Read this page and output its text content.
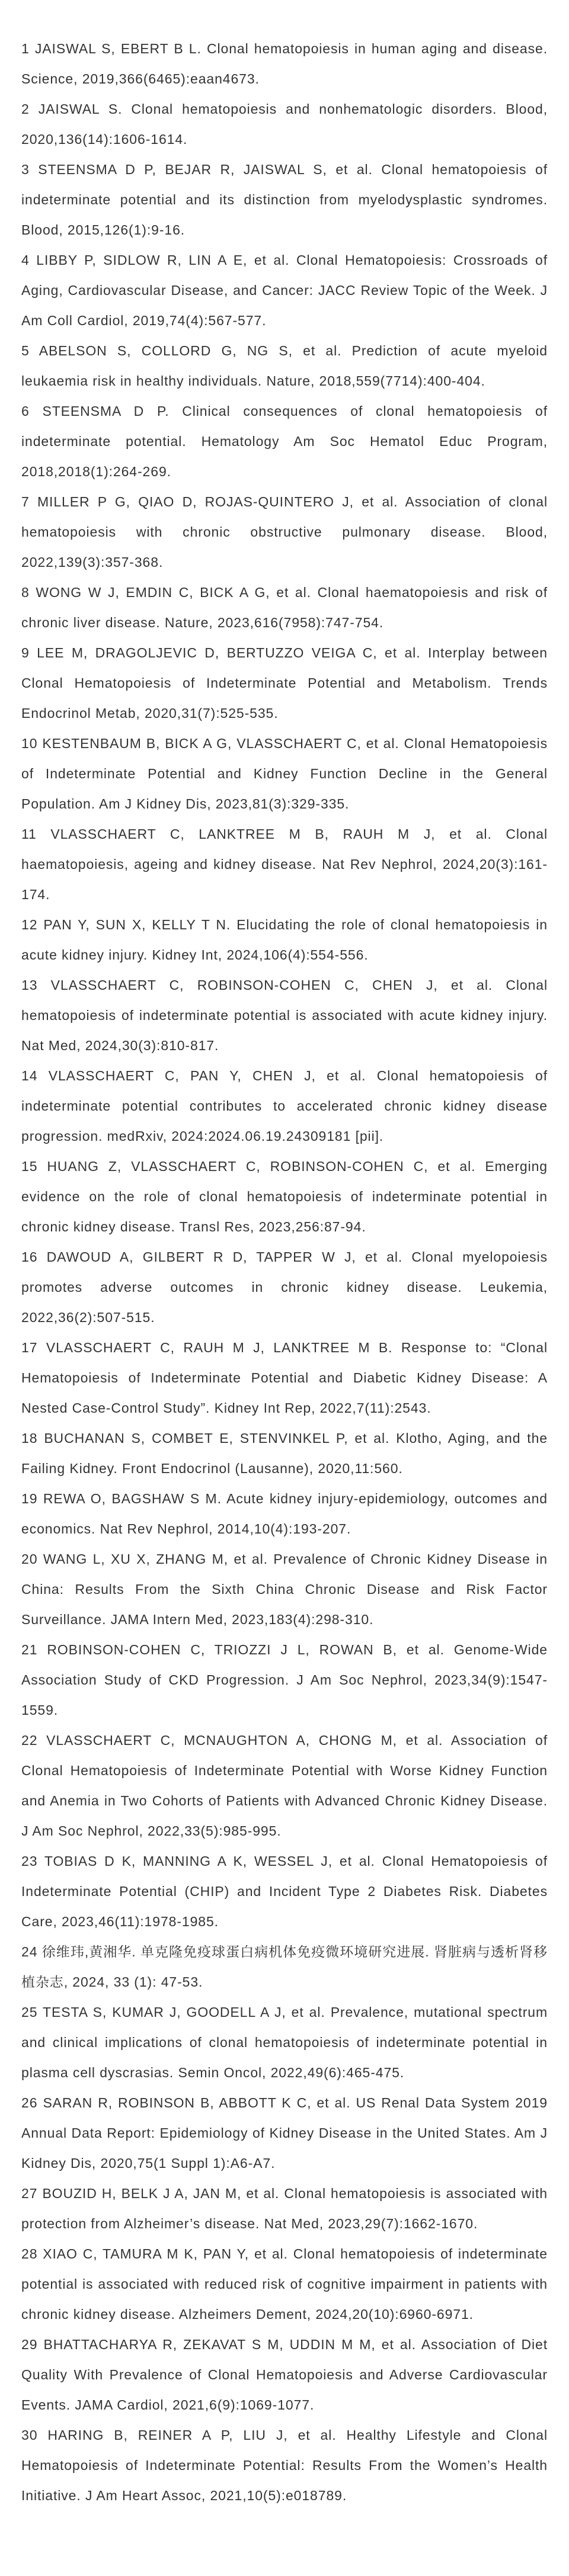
1 JAISWAL S, EBERT B L. Clonal hematopoiesis in human aging and disease. Science, 2019,366(6465):eaan4673.
2 JAISWAL S. Clonal hematopoiesis and nonhematologic disorders. Blood, 2020,136(14):1606-1614.
3 STEENSMA D P, BEJAR R, JAISWAL S, et al. Clonal hematopoiesis of indeterminate potential and its distinction from myelodysplastic syndromes. Blood, 2015,126(1):9-16.
4 LIBBY P, SIDLOW R, LIN A E, et al. Clonal Hematopoiesis: Crossroads of Aging, Cardiovascular Disease, and Cancer: JACC Review Topic of the Week. J Am Coll Cardiol, 2019,74(4):567-577.
5 ABELSON S, COLLORD G, NG S, et al. Prediction of acute myeloid leukaemia risk in healthy individuals. Nature, 2018,559(7714):400-404.
6 STEENSMA D P. Clinical consequences of clonal hematopoiesis of indeterminate potential. Hematology Am Soc Hematol Educ Program, 2018,2018(1):264-269.
7 MILLER P G, QIAO D, ROJAS-QUINTERO J, et al. Association of clonal hematopoiesis with chronic obstructive pulmonary disease. Blood, 2022,139(3):357-368.
8 WONG W J, EMDIN C, BICK A G, et al. Clonal haematopoiesis and risk of chronic liver disease. Nature, 2023,616(7958):747-754.
9 LEE M, DRAGOLJEVIC D, BERTUZZO VEIGA C, et al. Interplay between Clonal Hematopoiesis of Indeterminate Potential and Metabolism. Trends Endocrinol Metab, 2020,31(7):525-535.
10 KESTENBAUM B, BICK A G, VLASSCHAERT C, et al. Clonal Hematopoiesis of Indeterminate Potential and Kidney Function Decline in the General Population. Am J Kidney Dis, 2023,81(3):329-335.
11 VLASSCHAERT C, LANKTREE M B, RAUH M J, et al. Clonal haematopoiesis, ageing and kidney disease. Nat Rev Nephrol, 2024,20(3):161-174.
12 PAN Y, SUN X, KELLY T N. Elucidating the role of clonal hematopoiesis in acute kidney injury. Kidney Int, 2024,106(4):554-556.
13 VLASSCHAERT C, ROBINSON-COHEN C, CHEN J, et al. Clonal hematopoiesis of indeterminate potential is associated with acute kidney injury. Nat Med, 2024,30(3):810-817.
14 VLASSCHAERT C, PAN Y, CHEN J, et al. Clonal hematopoiesis of indeterminate potential contributes to accelerated chronic kidney disease progression. medRxiv, 2024:2024.06.19.24309181 [pii].
15 HUANG Z, VLASSCHAERT C, ROBINSON-COHEN C, et al. Emerging evidence on the role of clonal hematopoiesis of indeterminate potential in chronic kidney disease. Transl Res, 2023,256:87-94.
16 DAWOUD A, GILBERT R D, TAPPER W J, et al. Clonal myelopoiesis promotes adverse outcomes in chronic kidney disease. Leukemia, 2022,36(2):507-515.
17 VLASSCHAERT C, RAUH M J, LANKTREE M B. Response to: “Clonal Hematopoiesis of Indeterminate Potential and Diabetic Kidney Disease: A Nested Case-Control Study”. Kidney Int Rep, 2022,7(11):2543.
18 BUCHANAN S, COMBET E, STENVINKEL P, et al. Klotho, Aging, and the Failing Kidney. Front Endocrinol (Lausanne), 2020,11:560.
19 REWA O, BAGSHAW S M. Acute kidney injury-epidemiology, outcomes and economics. Nat Rev Nephrol, 2014,10(4):193-207.
20 WANG L, XU X, ZHANG M, et al. Prevalence of Chronic Kidney Disease in China: Results From the Sixth China Chronic Disease and Risk Factor Surveillance. JAMA Intern Med, 2023,183(4):298-310.
21 ROBINSON-COHEN C, TRIOZZI J L, ROWAN B, et al. Genome-Wide Association Study of CKD Progression. J Am Soc Nephrol, 2023,34(9):1547-1559.
22 VLASSCHAERT C, MCNAUGHTON A, CHONG M, et al. Association of Clonal Hematopoiesis of Indeterminate Potential with Worse Kidney Function and Anemia in Two Cohorts of Patients with Advanced Chronic Kidney Disease. J Am Soc Nephrol, 2022,33(5):985-995.
23 TOBIAS D K, MANNING A K, WESSEL J, et al. Clonal Hematopoiesis of Indeterminate Potential (CHIP) and Incident Type 2 Diabetes Risk. Diabetes Care, 2023,46(11):1978-1985.
24 徐维玮,黄湘华. 单克隆免疫球蛋白病机体免疫微环境研究进展. 肾脏病与透析肾移植杂志, 2024, 33 (1): 47-53.
25 TESTA S, KUMAR J, GOODELL A J, et al. Prevalence, mutational spectrum and clinical implications of clonal hematopoiesis of indeterminate potential in plasma cell dyscrasias. Semin Oncol, 2022,49(6):465-475.
26 SARAN R, ROBINSON B, ABBOTT K C, et al. US Renal Data System 2019 Annual Data Report: Epidemiology of Kidney Disease in the United States. Am J Kidney Dis, 2020,75(1 Suppl 1):A6-A7.
27 BOUZID H, BELK J A, JAN M, et al. Clonal hematopoiesis is associated with protection from Alzheimer’s disease. Nat Med, 2023,29(7):1662-1670.
28 XIAO C, TAMURA M K, PAN Y, et al. Clonal hematopoiesis of indeterminate potential is associated with reduced risk of cognitive impairment in patients with chronic kidney disease. Alzheimers Dement, 2024,20(10):6960-6971.
29 BHATTACHARYA R, ZEKAVAT S M, UDDIN M M, et al. Association of Diet Quality With Prevalence of Clonal Hematopoiesis and Adverse Cardiovascular Events. JAMA Cardiol, 2021,6(9):1069-1077.
30 HARING B, REINER A P, LIU J, et al. Healthy Lifestyle and Clonal Hematopoiesis of Indeterminate Potential: Results From the Women’s Health Initiative. J Am Heart Assoc, 2021,10(5):e018789.
